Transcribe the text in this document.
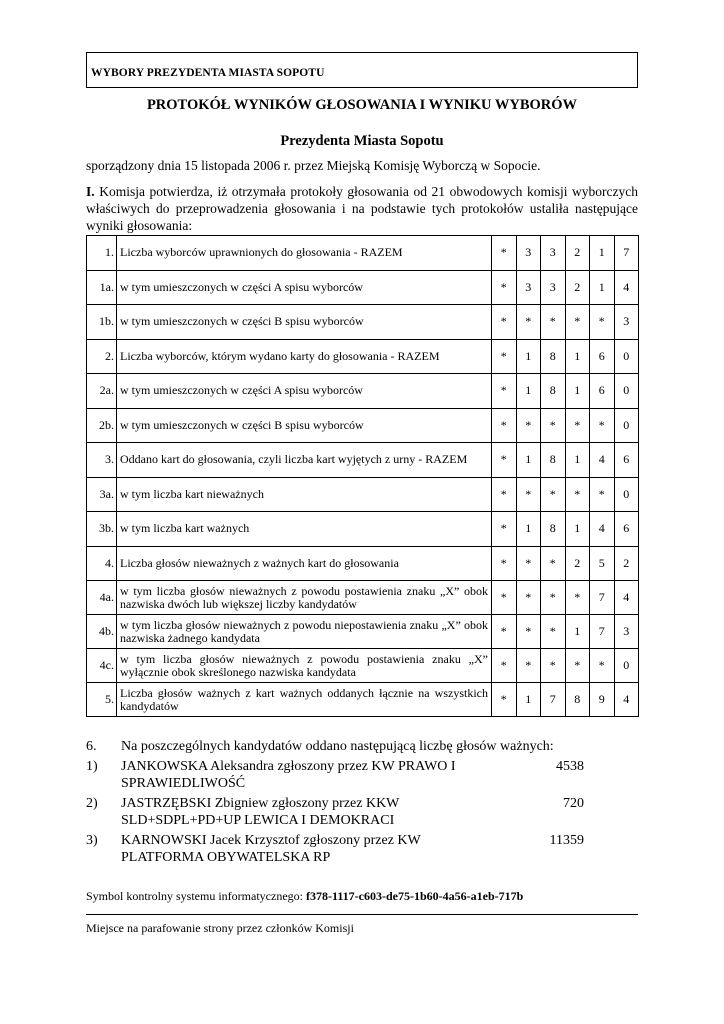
WYBORY PREZYDENTA MIASTA SOPOTU
PROTOKÓŁ WYNIKÓW GŁOSOWANIA I WYNIKU WYBORÓW
Prezydenta Miasta Sopotu
sporządzony dnia 15 listopada 2006 r. przez Miejską Komisję Wyborczą w Sopocie.
I. Komisja potwierdza, iż otrzymała protokoły głosowania od 21 obwodowych komisji wyborczych właściwych do przeprowadzenia głosowania i na podstawie tych protokołów ustaliła następujące wyniki głosowania:
1.	Liczba wyborców uprawnionych do głosowania - RAZEM	*	3	3	2	1	7
1a.	w tym umieszczonych w części A spisu wyborców	*	3	3	2	1	4
1b.	w tym umieszczonych w części B spisu wyborców	*	*	*	*	*	3
2.	Liczba wyborców, którym wydano karty do głosowania - RAZEM	*	1	8	1	6	0
2a.	w tym umieszczonych w części A spisu wyborców	*	1	8	1	6	0
2b.	w tym umieszczonych w części B spisu wyborców	*	*	*	*	*	0
3.	Oddano kart do głosowania, czyli liczba kart wyjętych z urny - RAZEM	*	1	8	1	4	6
3a.	w tym liczba kart nieważnych	*	*	*	*	*	0
3b.	w tym liczba kart ważnych	*	1	8	1	4	6
4.	Liczba głosów nieważnych z ważnych kart do głosowania	*	*	*	2	5	2
4a.	w tym liczba głosów nieważnych z powodu postawienia znaku „X” obok nazwiska dwóch lub większej liczby kandydatów	*	*	*	*	7	4
4b.	w tym liczba głosów nieważnych z powodu niepostawienia znaku „X” obok nazwiska żadnego kandydata	*	*	*	1	7	3
4c.	w tym liczba głosów nieważnych z powodu postawienia znaku „X” wyłącznie obok skreślonego nazwiska kandydata	*	*	*	*	*	0
5.	Liczba głosów ważnych z kart ważnych oddanych łącznie na wszystkich kandydatów	*	1	7	8	9	4
6.	Na poszczególnych kandydatów oddano następującą liczbę głosów ważnych:
1)	JANKOWSKA Aleksandra zgłoszony przez KW PRAWO I
SPRAWIEDLIWOŚĆ
4538
2)	JASTRZĘBSKI Zbigniew zgłoszony przez KKW
SLD+SDPL+PD+UP LEWICA I DEMOKRACI
720
3)	KARNOWSKI Jacek Krzysztof zgłoszony przez KW
PLATFORMA OBYWATELSKA RP
11359
Symbol kontrolny systemu informatycznego: f378-1117-c603-de75-1b60-4a56-a1eb-717b
Miejsce na parafowanie strony przez członków Komisji
